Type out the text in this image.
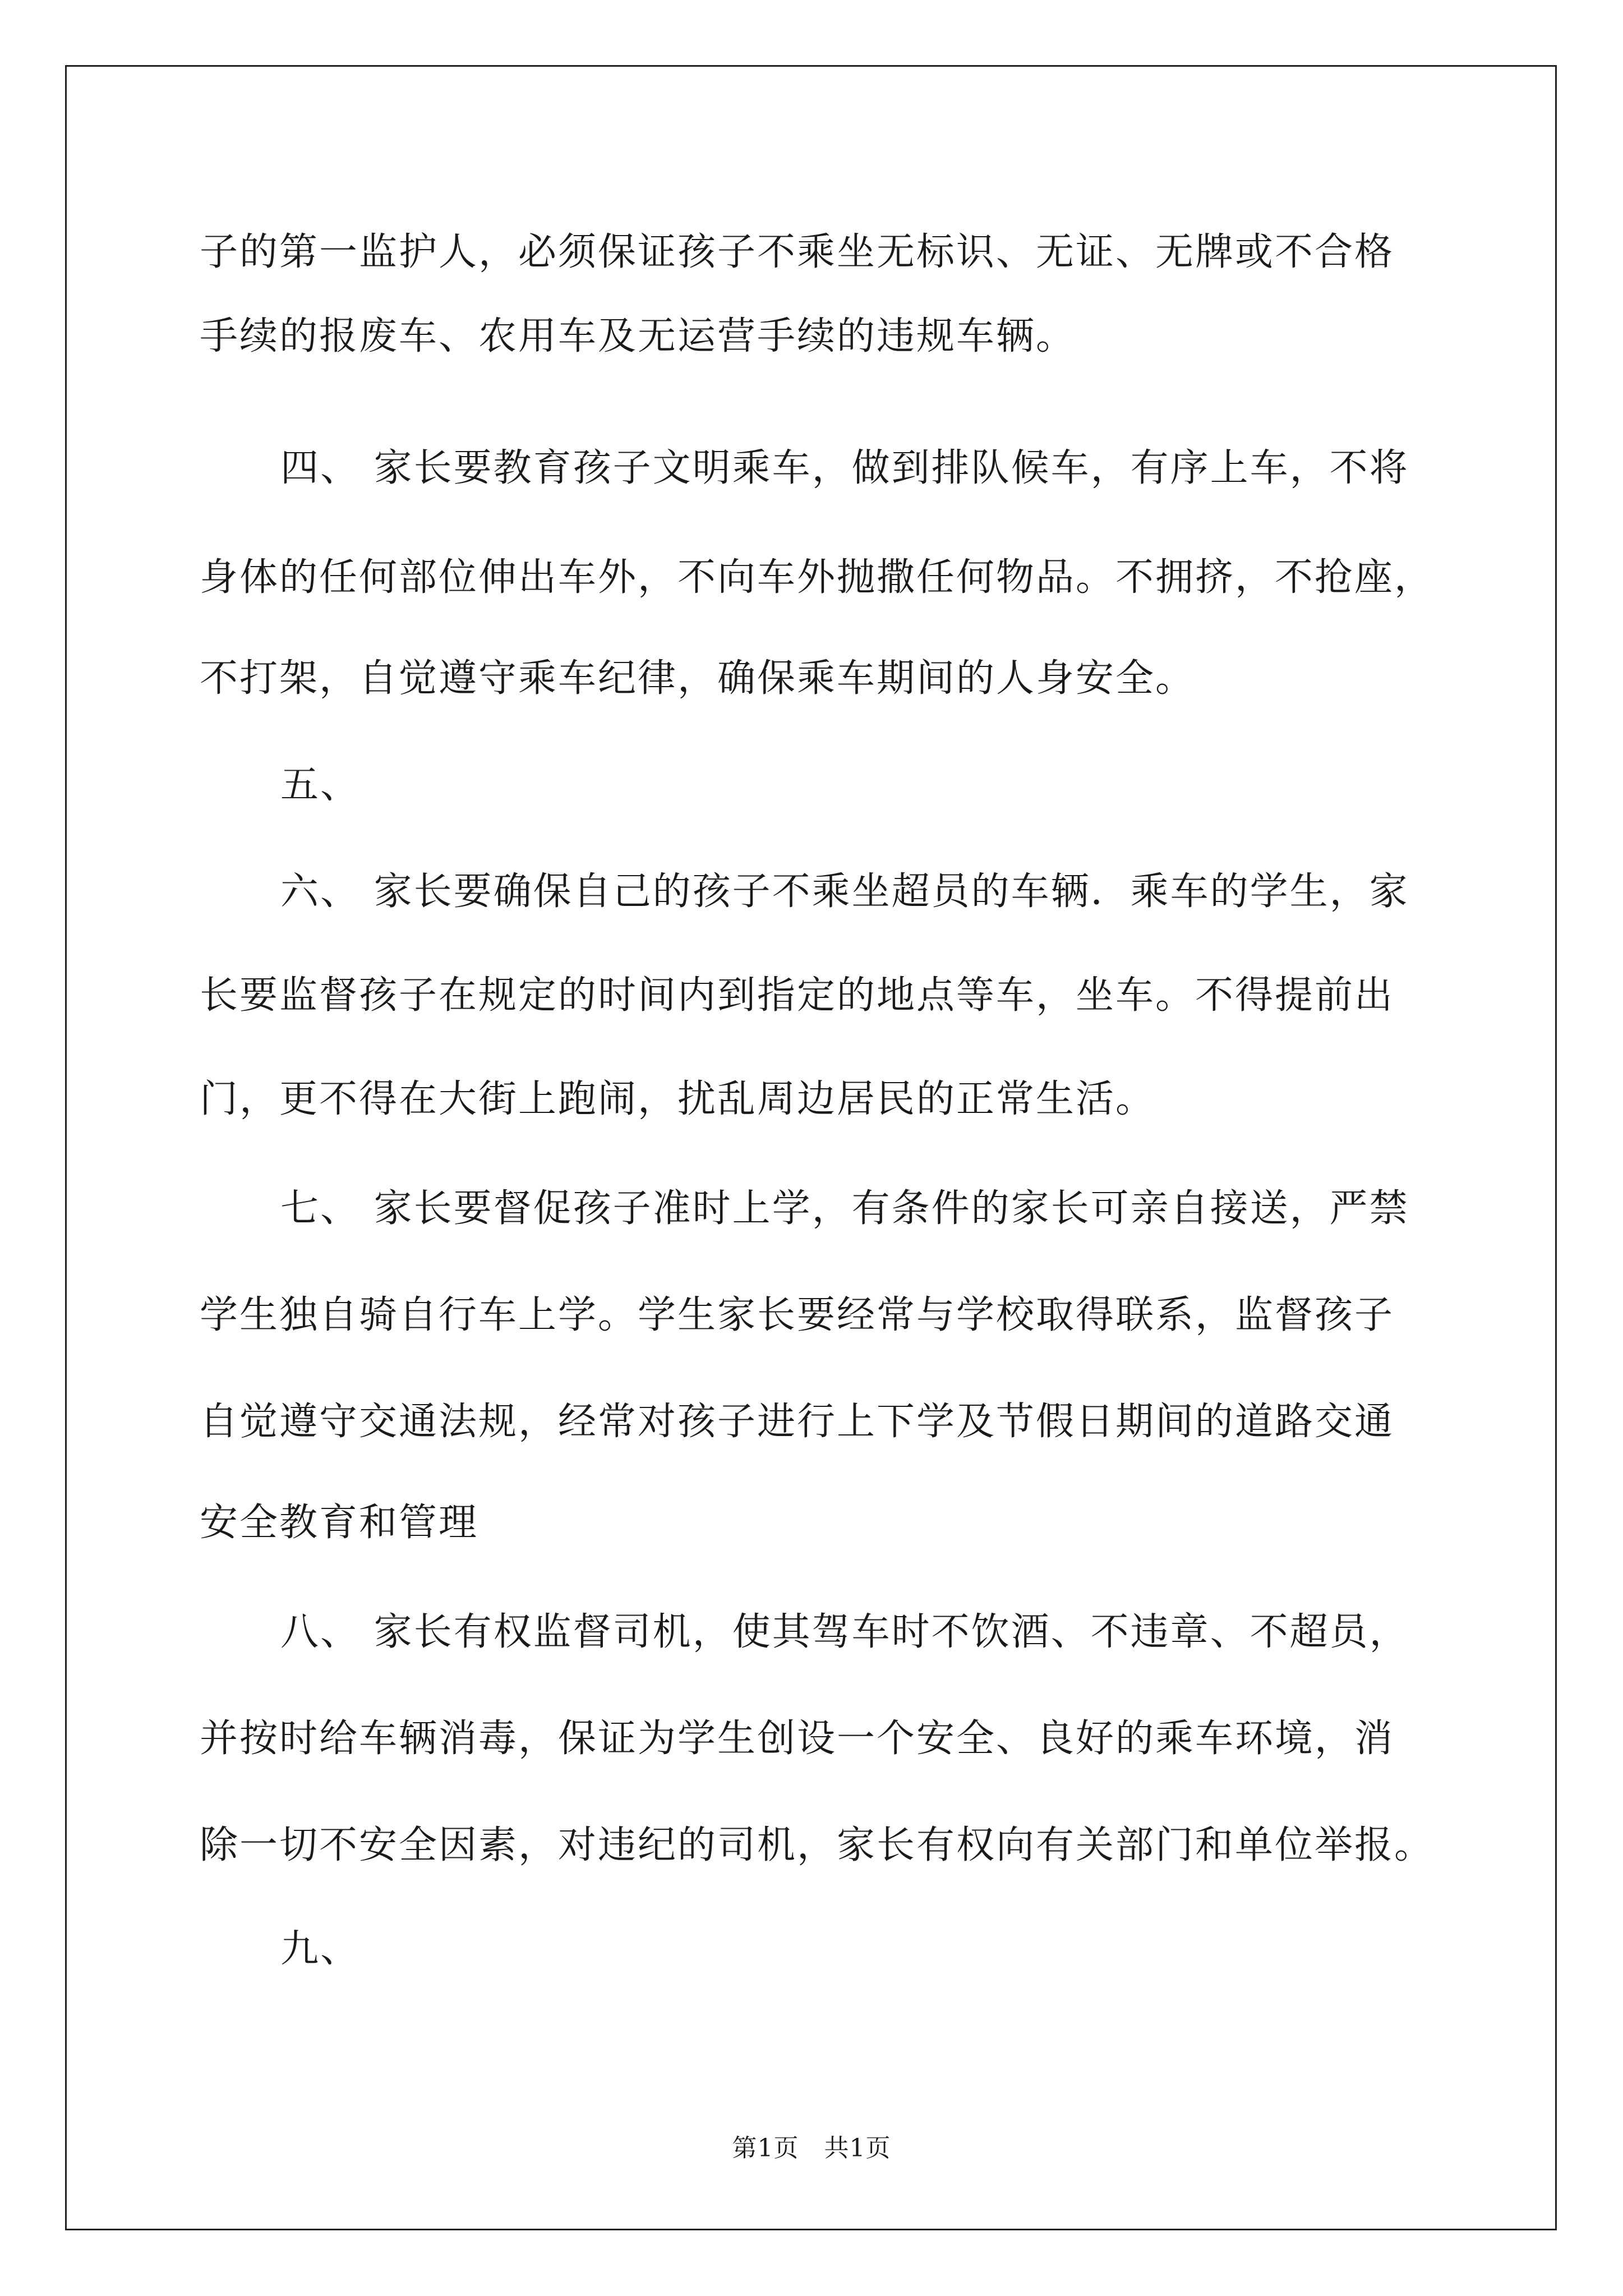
子的第一监护人，必须保证孩子不乘坐无标识、无证、无牌或不合格
手续的报废车、农用车及无运营手续的违规车辆。
四、 家长要教育孩子文明乘车，做到排队候车，有序上车，不将
身体的任何部位伸出车外，不向车外抛撒任何物品。不拥挤，不抢座，
不打架，自觉遵守乘车纪律，确保乘车期间的人身安全。
五、
六、 家长要确保自己的孩子不乘坐超员的车辆．乘车的学生，家
长要监督孩子在规定的时间内到指定的地点等车，坐车。不得提前出
门，更不得在大街上跑闹，扰乱周边居民的正常生活。
七、 家长要督促孩子准时上学，有条件的家长可亲自接送，严禁
学生独自骑自行车上学。学生家长要经常与学校取得联系，监督孩子
自觉遵守交通法规，经常对孩子进行上下学及节假日期间的道路交通
安全教育和管理
八、 家长有权监督司机，使其驾车时不饮酒、不违章、不超员，
并按时给车辆消毒，保证为学生创设一个安全、良好的乘车环境，消
除一切不安全因素，对违纪的司机，家长有权向有关部门和单位举报。
九、
第1页　共1页
